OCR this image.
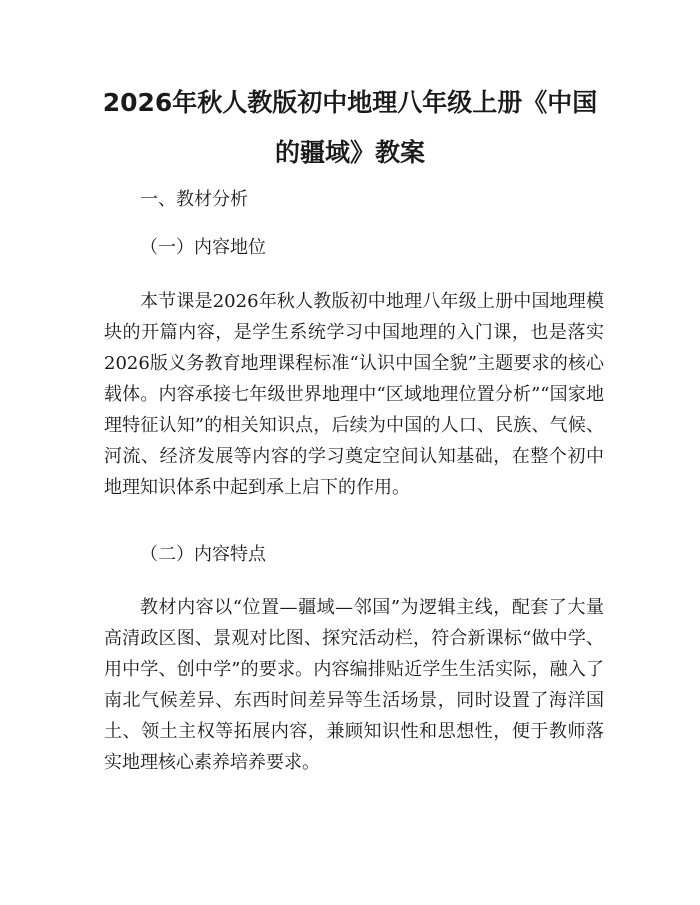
2026年秋人教版初中地理八年级上册《中国的疆域》教案
一、教材分析
（一）内容地位

本节课是2026年秋人教版初中地理八年级上册中国地理模块的开篇内容，是学生系统学习中国地理的入门课，也是落实2026版义务教育地理课程标准“认识中国全貌”主题要求的核心载体。内容承接七年级世界地理中“区域地理位置分析”“国家地理特征认知”的相关知识点，后续为中国的人口、民族、气候、河流、经济发展等内容的学习奠定空间认知基础，在整个初中地理知识体系中起到承上启下的作用。

（二）内容特点

教材内容以“位置—疆域—邻国”为逻辑主线，配套了大量高清政区图、景观对比图、探究活动栏，符合新课标“做中学、用中学、创中学”的要求。内容编排贴近学生生活实际，融入了南北气候差异、东西时间差异等生活场景，同时设置了海洋国土、领土主权等拓展内容，兼顾知识性和思想性，便于教师落实地理核心素养培养要求。
